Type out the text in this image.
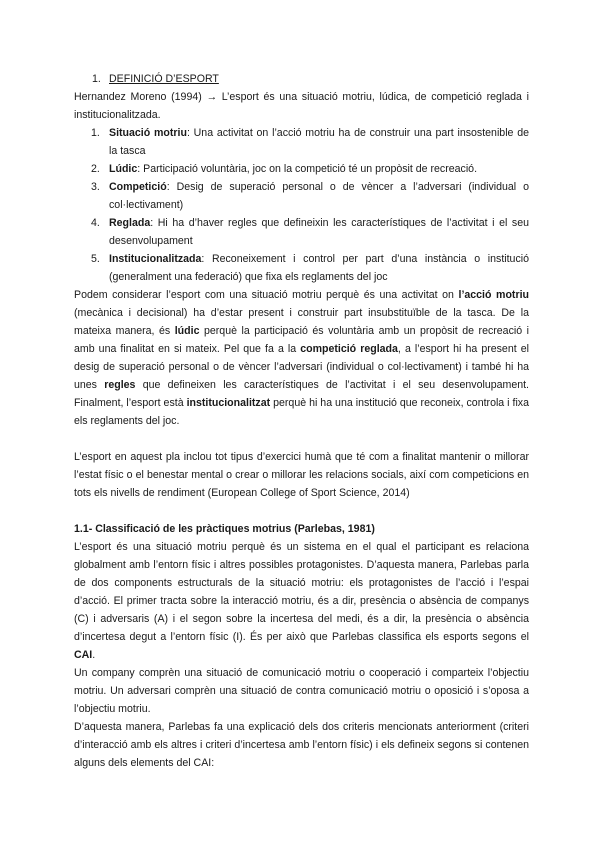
1. DEFINICIÓ D’ESPORT

Hernandez Moreno (1994) → L’esport és una situació motriu, lúdica, de competició reglada i institucionalitzada.

1. Situació motriu: Una activitat on l’acció motriu ha de construir una part insostenible de la tasca
2. Lúdic: Participació voluntària, joc on la competició té un propòsit de recreació.
3. Competició: Desig de superació personal o de vèncer a l’adversari (individual o col·lectivament)
4. Reglada: Hi ha d’haver regles que defineixin les característiques de l’activitat i el seu desenvolupament
5. Institucionalitzada: Reconeixement i control per part d’una instància o institució (generalment una federació) que fixa els reglaments del joc

Podem considerar l’esport com una situació motriu perquè és una activitat on l’acció motriu (mecànica i decisional) ha d’estar present i construir part insubstituïble de la tasca. De la mateixa manera, és lúdic perquè la participació és voluntària amb un propòsit de recreació i amb una finalitat en si mateix. Pel que fa a la competició reglada, a l’esport hi ha present el desig de superació personal o de vèncer l’adversari (individual o col·lectivament) i també hi ha unes regles que defineixen les característiques de l’activitat i el seu desenvolupament. Finalment, l’esport està institucionalitzat perquè hi ha una institució que reconeix, controla i fixa els reglaments del joc.

L’esport en aquest pla inclou tot tipus d’exercici humà que té com a finalitat mantenir o millorar l’estat físic o el benestar mental o crear o millorar les relacions socials, així com competicions en tots els nivells de rendiment (European College of Sport Science, 2014)

1.1- Classificació de les pràctiques motrius (Parlebas, 1981)

L’esport és una situació motriu perquè és un sistema en el qual el participant es relaciona globalment amb l’entorn físic i altres possibles protagonistes. D’aquesta manera, Parlebas parla de dos components estructurals de la situació motriu: els protagonistes de l’acció i l’espai d’acció. El primer tracta sobre la interacció motriu, és a dir, presència o absència de companys (C) i adversaris (A) i el segon sobre la incertesa del medi, és a dir, la presència o absència d’incertesa degut a l’entorn físic (I). És per això que Parlebas classifica els esports segons el CAI.

Un company comprèn una situació de comunicació motriu o cooperació i comparteix l’objectiu motriu. Un adversari comprèn una situació de contra comunicació motriu o oposició i s’oposa a l’objectiu motriu.

D’aquesta manera, Parlebas fa una explicació dels dos criteris mencionats anteriorment (criteri d’interacció amb els altres i criteri d’incertesa amb l’entorn físic) i els defineix segons si contenen alguns dels elements del CAI:
